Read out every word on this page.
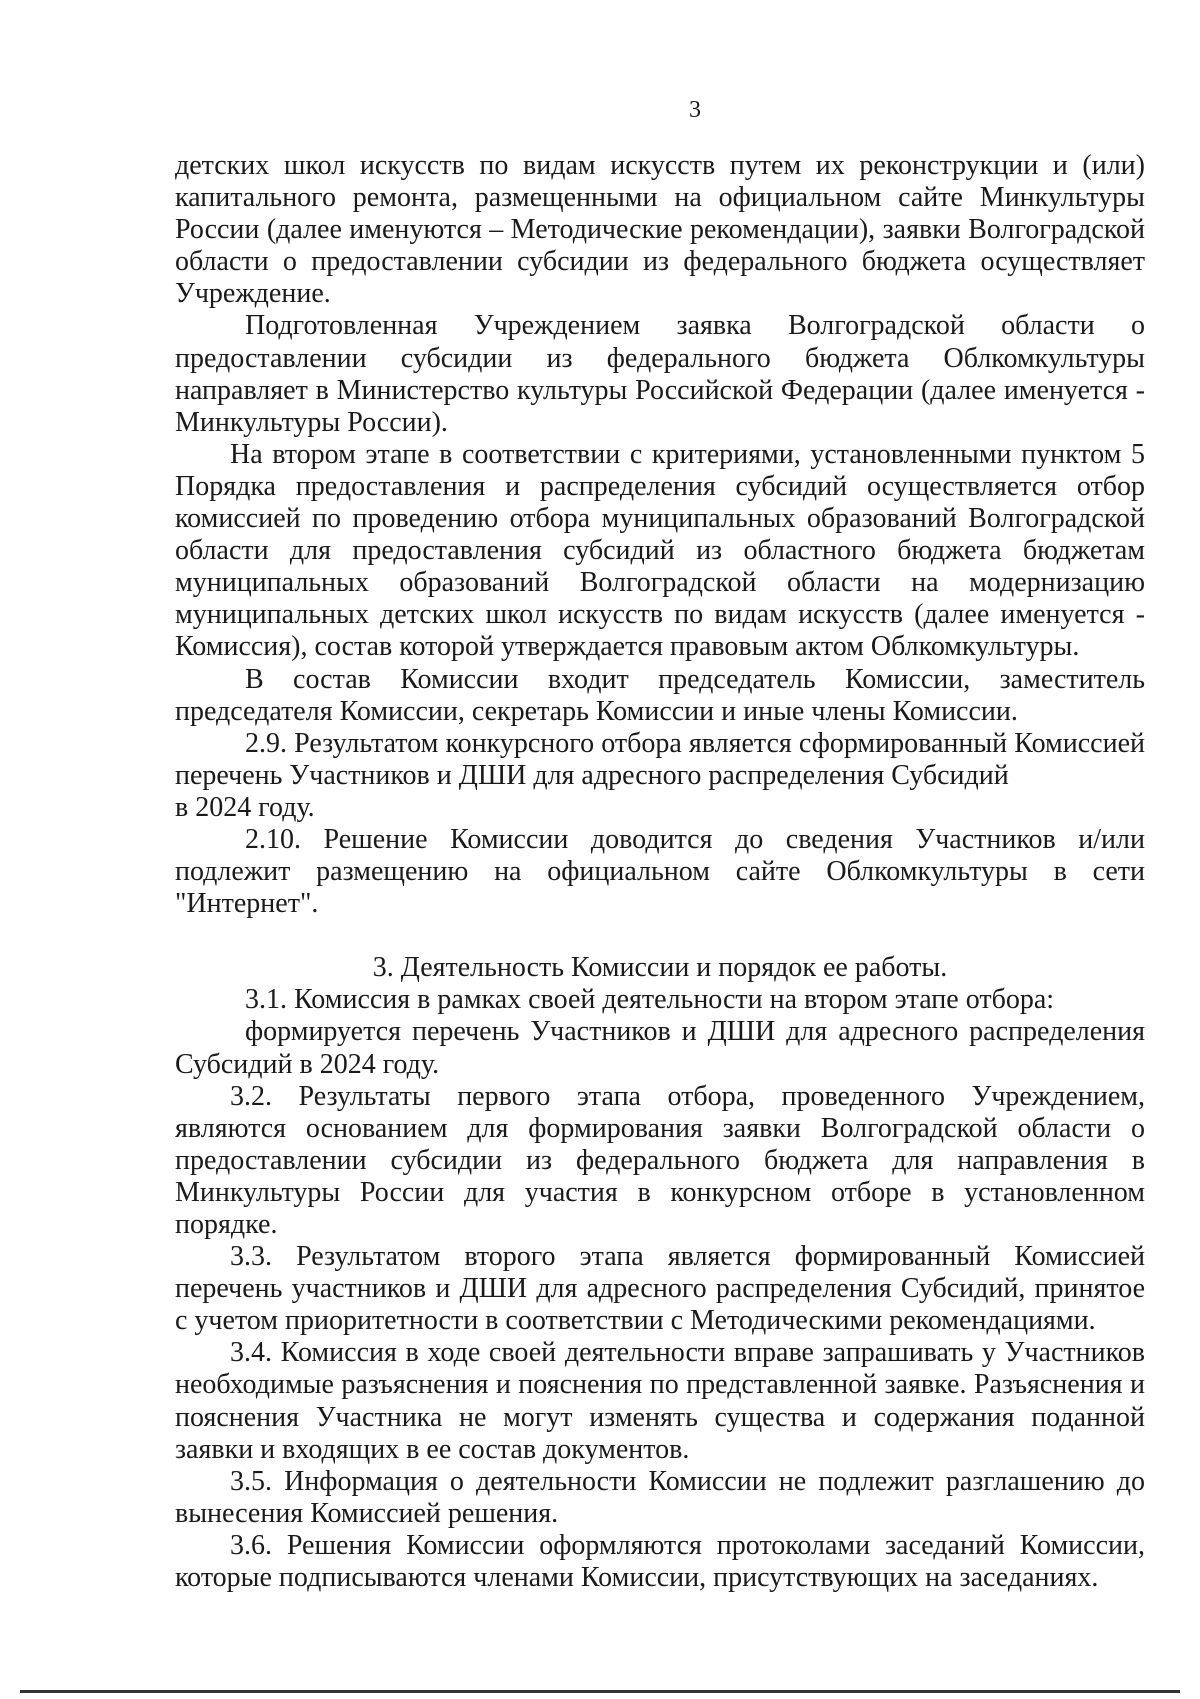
3

детских школ искусств по видам искусств путем их реконструкции и (или) капитального ремонта, размещенными на официальном сайте Минкультуры России (далее именуются – Методические рекомендации), заявки Волгоградской области о предоставлении субсидии из федерального бюджета осуществляет Учреждение.

Подготовленная Учреждением заявка Волгоградской области о предоставлении субсидии из федерального бюджета Облкомкультуры направляет в Министерство культуры Российской Федерации (далее именуется - Минкультуры России).

На втором этапе в соответствии с критериями, установленными пунктом 5 Порядка предоставления и распределения субсидий осуществляется отбор комиссией по проведению отбора муниципальных образований Волгоградской области для предоставления субсидий из областного бюджета бюджетам муниципальных образований Волгоградской области на модернизацию муниципальных детских школ искусств по видам искусств (далее именуется - Комиссия), состав которой утверждается правовым актом Облкомкультуры.

В состав Комиссии входит председатель Комиссии, заместитель председателя Комиссии, секретарь Комиссии и иные члены Комиссии.

2.9. Результатом конкурсного отбора является сформированный Комиссией перечень Участников и ДШИ для адресного распределения Субсидий

в 2024 году.

2.10. Решение Комиссии доводится до сведения Участников и/или подлежит размещению на официальном сайте Облкомкультуры в сети "Интернет".

3. Деятельность Комиссии и порядок ее работы.

3.1. Комиссия в рамках своей деятельности на втором этапе отбора:

формируется перечень Участников и ДШИ для адресного распределения Субсидий в 2024 году.

3.2. Результаты первого этапа отбора, проведенного Учреждением, являются основанием для формирования заявки Волгоградской области о предоставлении субсидии из федерального бюджета для направления в Минкультуры России для участия в конкурсном отборе в установленном порядке.

3.3. Результатом второго этапа является формированный Комиссией перечень участников и ДШИ для адресного распределения Субсидий, принятое с учетом приоритетности в соответствии с Методическими рекомендациями.

3.4. Комиссия в ходе своей деятельности вправе запрашивать у Участников необходимые разъяснения и пояснения по представленной заявке. Разъяснения и пояснения Участника не могут изменять существа и содержания поданной заявки и входящих в ее состав документов.

3.5. Информация о деятельности Комиссии не подлежит разглашению до вынесения Комиссией решения.

3.6. Решения Комиссии оформляются протоколами заседаний Комиссии, которые подписываются членами Комиссии, присутствующих на заседаниях.
